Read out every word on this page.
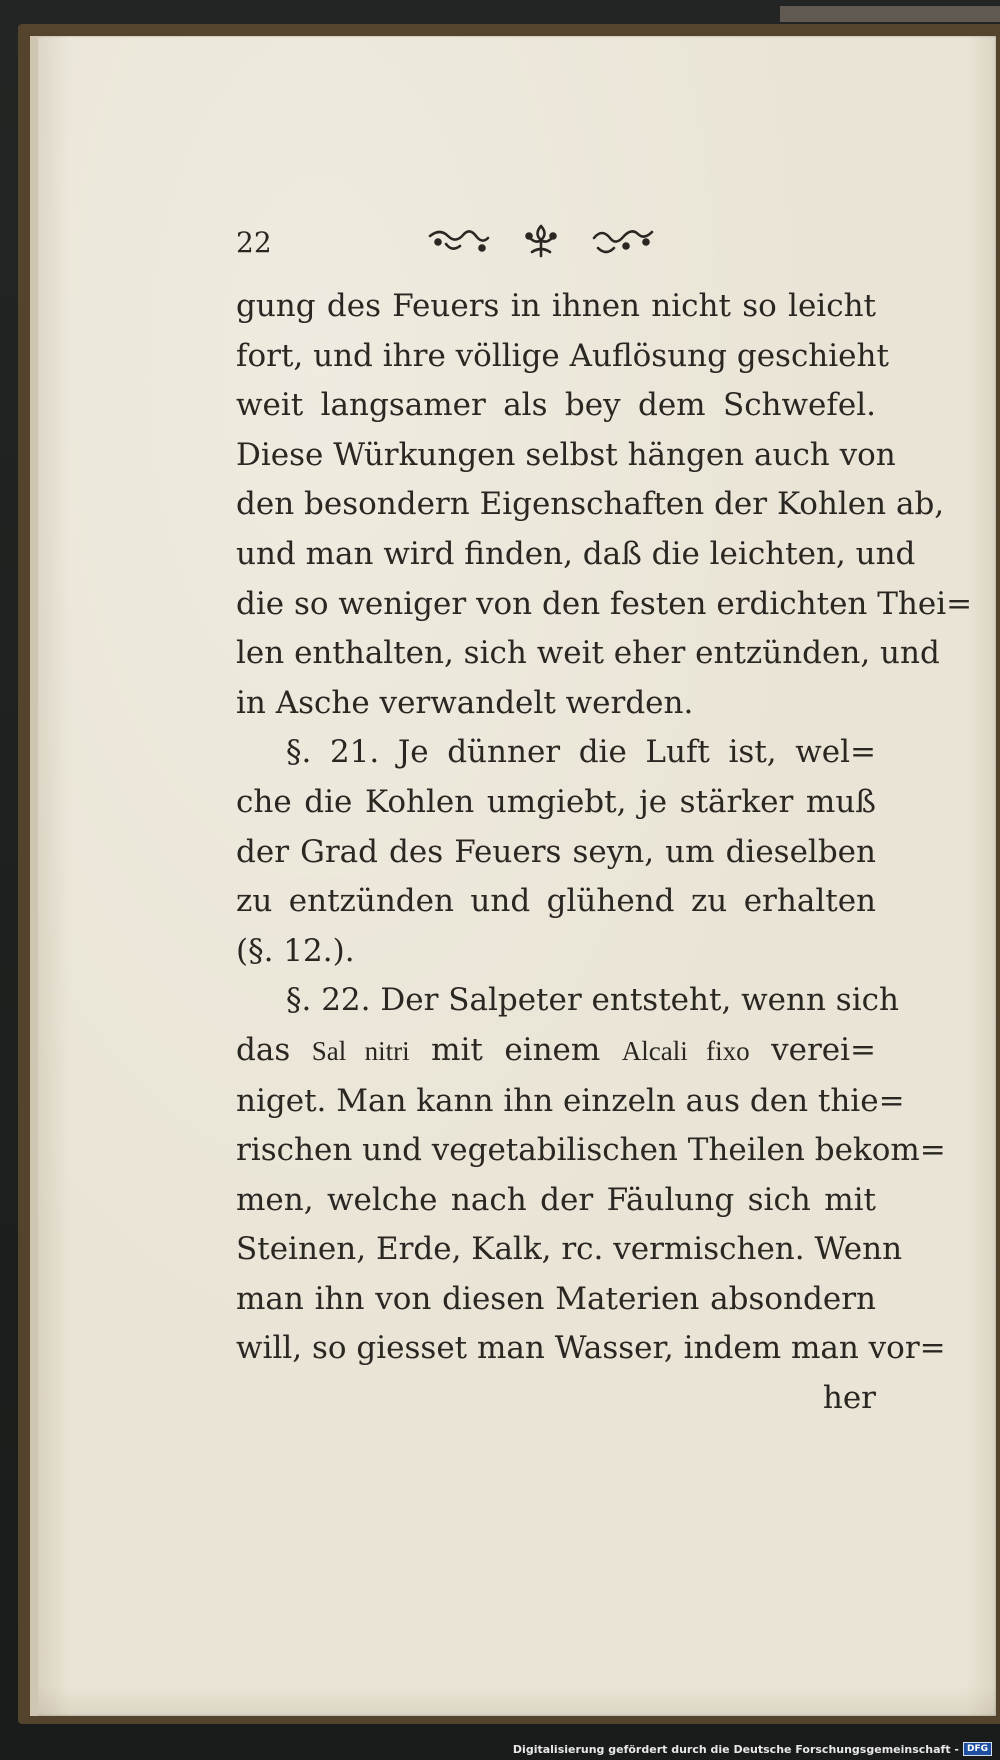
22
gung des Feuers in ihnen nicht so leicht
fort, und ihre völlige Auflösung geschieht
weit langsamer als bey dem Schwefel.
Diese Würkungen selbst hängen auch von
den besondern Eigenschaften der Kohlen ab,
und man wird finden, daß die leichten, und
die so weniger von den festen erdichten Thei=
len enthalten, sich weit eher entzünden, und
in Asche verwandelt werden.
§. 21. Je dünner die Luft ist, wel=
che die Kohlen umgiebt, je stärker muß
der Grad des Feuers seyn, um dieselben
zu entzünden und glühend zu erhalten
(§. 12.).
§. 22. Der Salpeter entsteht, wenn sich
das Sal nitri mit einem Alcali fixo verei=
niget. Man kann ihn einzeln aus den thie=
rischen und vegetabilischen Theilen bekom=
men, welche nach der Fäulung sich mit
Steinen, Erde, Kalk, rc. vermischen. Wenn
man ihn von diesen Materien absondern
will, so giesset man Wasser, indem man vor=
her
Digitalisierung gefördert durch die Deutsche Forschungsgemeinschaft - DFG
